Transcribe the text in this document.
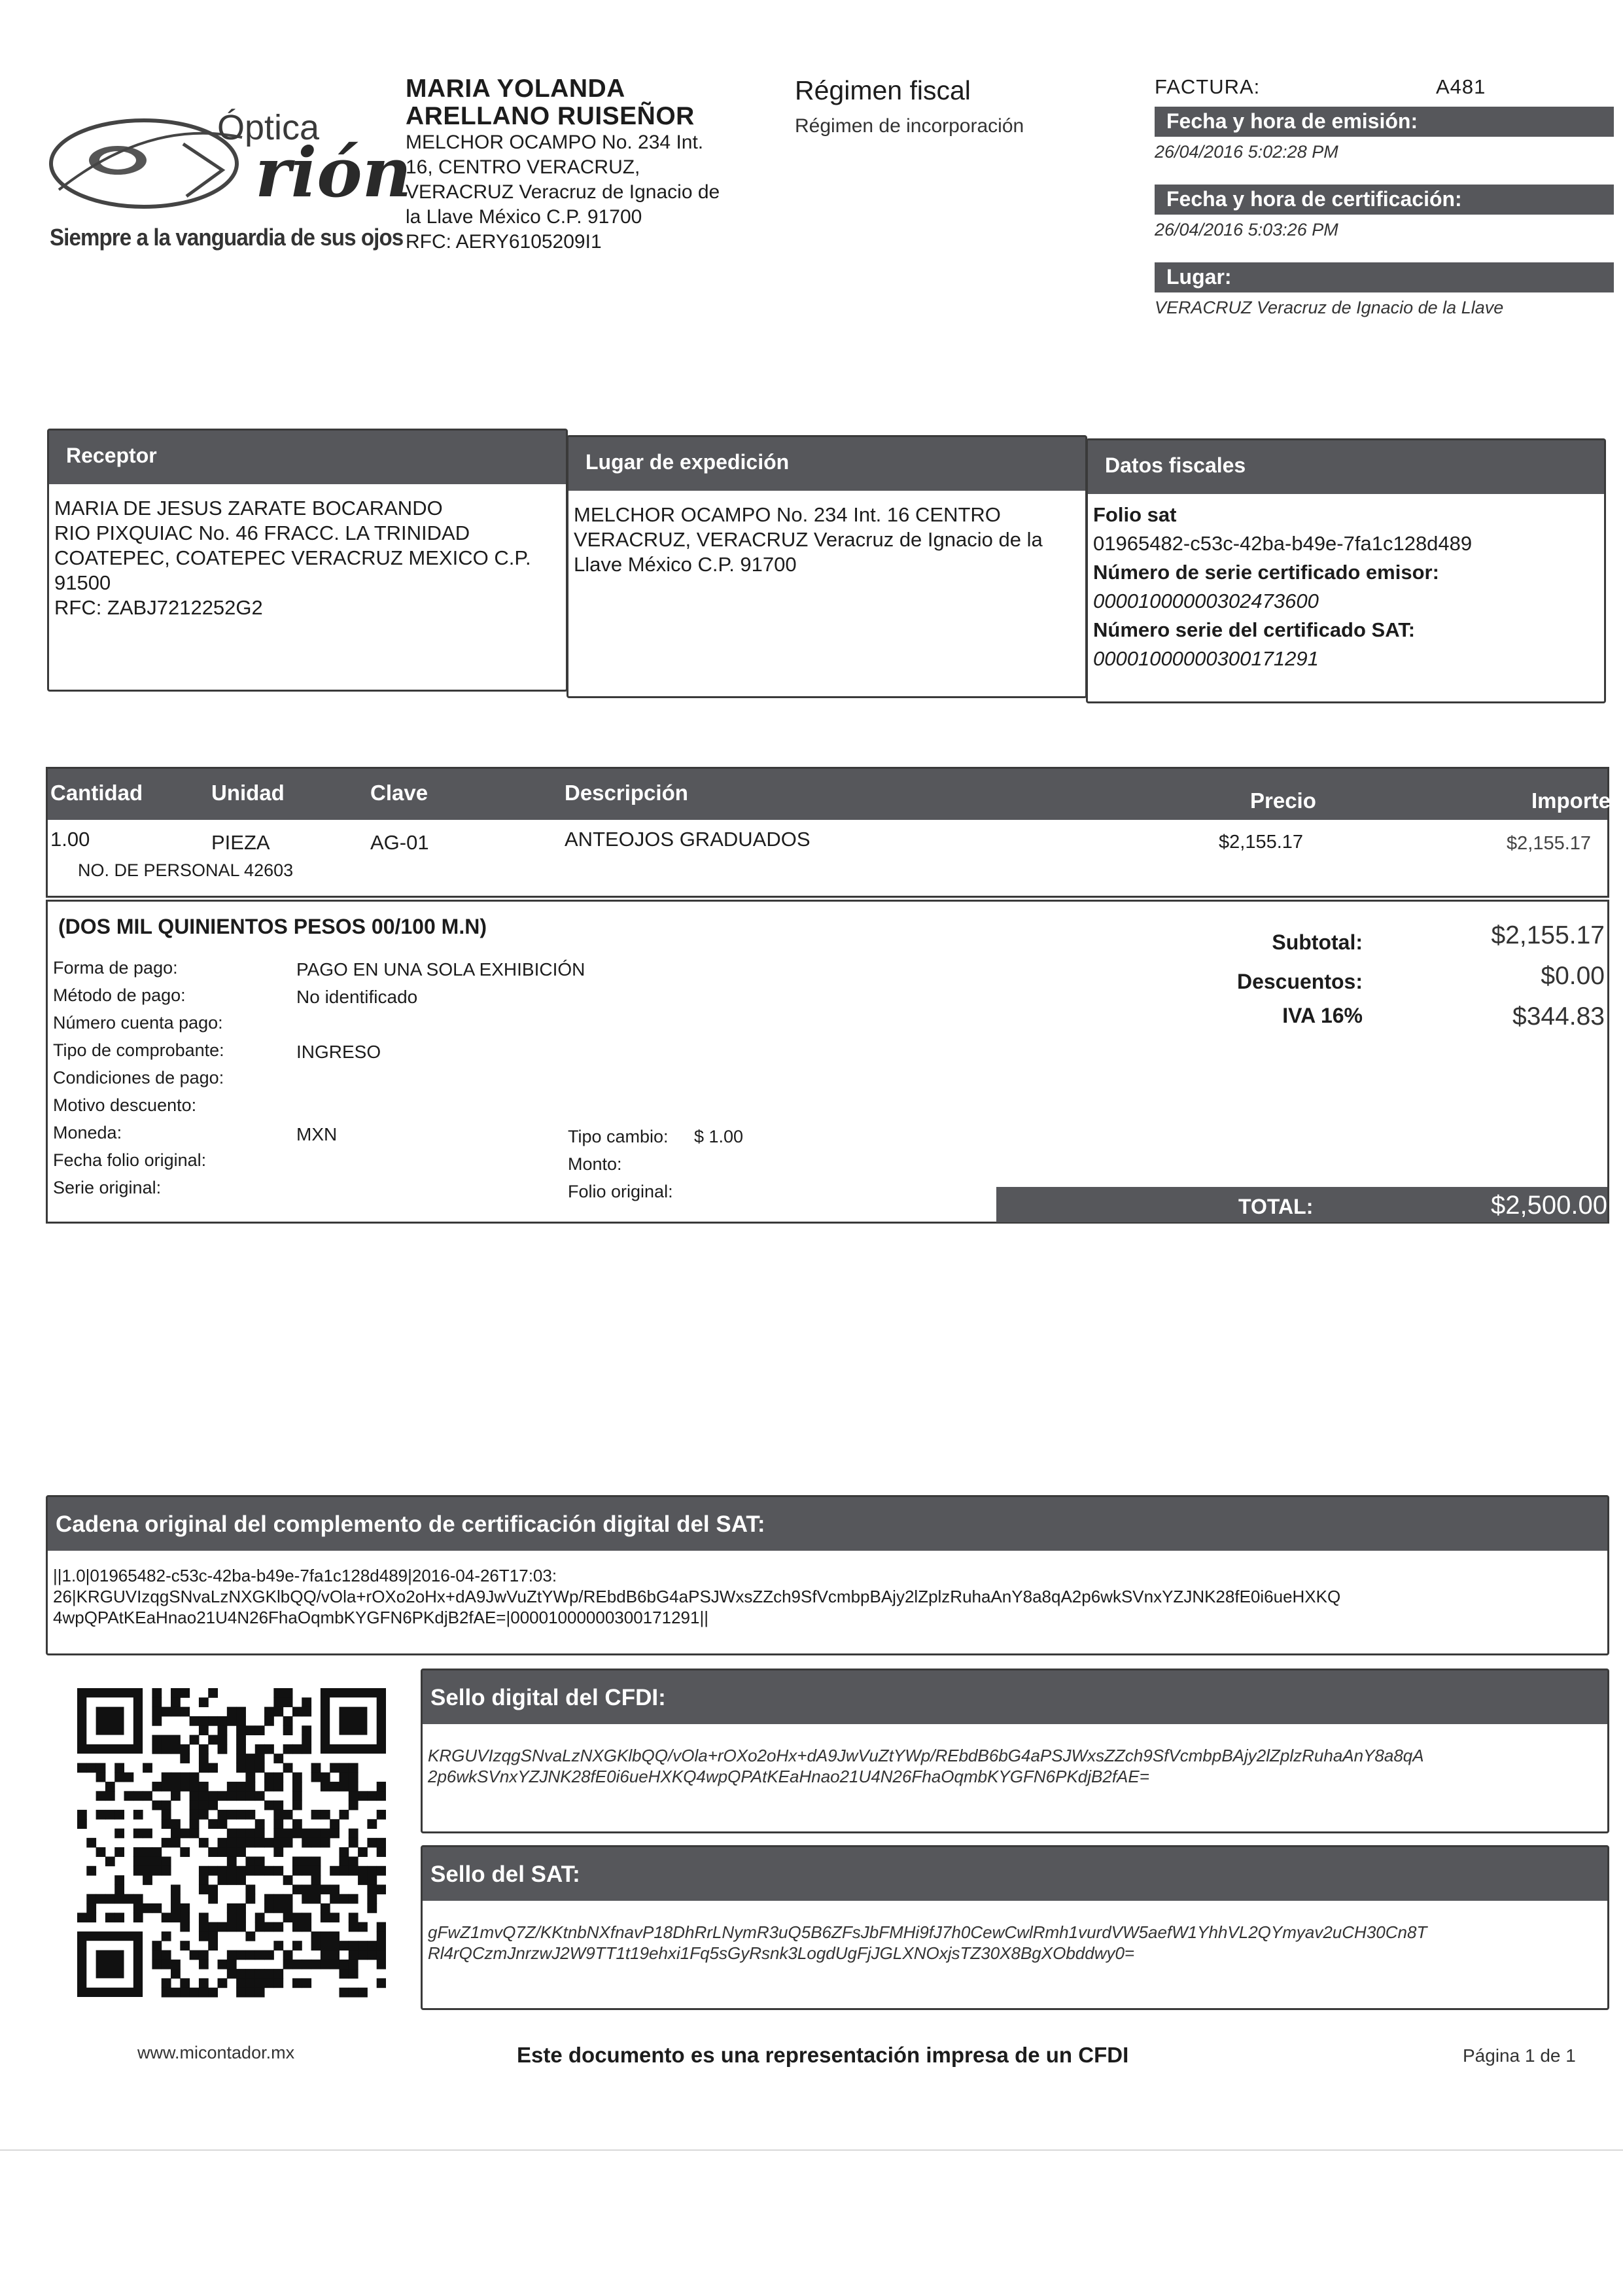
Óptica
rión
Siempre a la vanguardia de sus ojos
MARIA YOLANDA
ARELLANO RUISEÑOR
MELCHOR OCAMPO No. 234 Int.
16, CENTRO VERACRUZ,
VERACRUZ Veracruz de Ignacio de
la Llave México C.P. 91700
RFC: AERY6105209I1
Régimen fiscal
Régimen de incorporación
FACTURA:	A481
Fecha y hora de emisión:
26/04/2016 5:02:28 PM
Fecha y hora de certificación:
26/04/2016 5:03:26 PM
Lugar:
VERACRUZ Veracruz de Ignacio de la Llave
Receptor
MARIA DE JESUS ZARATE BOCARANDO
RIO PIXQUIAC No. 46 FRACC. LA TRINIDAD
COATEPEC, COATEPEC VERACRUZ MEXICO C.P.
91500
RFC: ZABJ7212252G2
Lugar de expedición
MELCHOR OCAMPO No. 234 Int. 16 CENTRO
VERACRUZ, VERACRUZ Veracruz de Ignacio de la
Llave México C.P. 91700
Datos fiscales
Folio sat
01965482-c53c-42ba-b49e-7fa1c128d489
Número de serie certificado emisor:
00001000000302473600
Número serie del certificado SAT:
00001000000300171291
Cantidad	Unidad	Clave	Descripción	Precio	Importe
1.00	PIEZA	AG-01	ANTEOJOS GRADUADOS	$2,155.17	$2,155.17
NO. DE PERSONAL 42603
(DOS MIL QUINIENTOS PESOS 00/100 M.N)
Forma de pago:	PAGO EN UNA SOLA EXHIBICIÓN
Método de pago:	No identificado
Número cuenta pago:
Tipo de comprobante:	INGRESO
Condiciones de pago:
Motivo descuento:
Moneda:	MXN
Fecha folio original:
Serie original:
Tipo cambio: $ 1.00
Monto:
Folio original:
Subtotal:	$2,155.17
Descuentos:	$0.00
IVA 16%	$344.83
TOTAL:	$2,500.00
Cadena original del complemento de certificación digital del SAT:
||1.0|01965482-c53c-42ba-b49e-7fa1c128d489|2016-04-26T17:03:
26|KRGUVIzqgSNvaLzNXGKlbQQ/vOla+rOXo2oHx+dA9JwVuZtYWp/REbdB6bG4aPSJWxsZZch9SfVcmbpBAjy2lZplzRuhaAnY8a8qA2p6wkSVnxYZJNK28fE0i6ueHXKQ
4wpQPAtKEaHnao21U4N26FhaOqmbKYGFN6PKdjB2fAE=|00001000000300171291||
Sello digital del CFDI:
KRGUVIzqgSNvaLzNXGKlbQQ/vOla+rOXo2oHx+dA9JwVuZtYWp/REbdB6bG4aPSJWxsZZch9SfVcmbpBAjy2lZplzRuhaAnY8a8qA
2p6wkSVnxYZJNK28fE0i6ueHXKQ4wpQPAtKEaHnao21U4N26FhaOqmbKYGFN6PKdjB2fAE=
Sello del SAT:
gFwZ1mvQ7Z/KKtnbNXfnavP18DhRrLNymR3uQ5B6ZFsJbFMHi9fJ7h0CewCwlRmh1vurdVW5aefW1YhhVL2QYmyav2uCH30Cn8T
Rl4rQCzmJnrzwJ2W9TT1t19ehxi1Fq5sGyRsnk3LogdUgFjJGLXNOxjsTZ30X8BgXObddwy0=
www.micontador.mx	Este documento es una representación impresa de un CFDI	Página 1 de 1
